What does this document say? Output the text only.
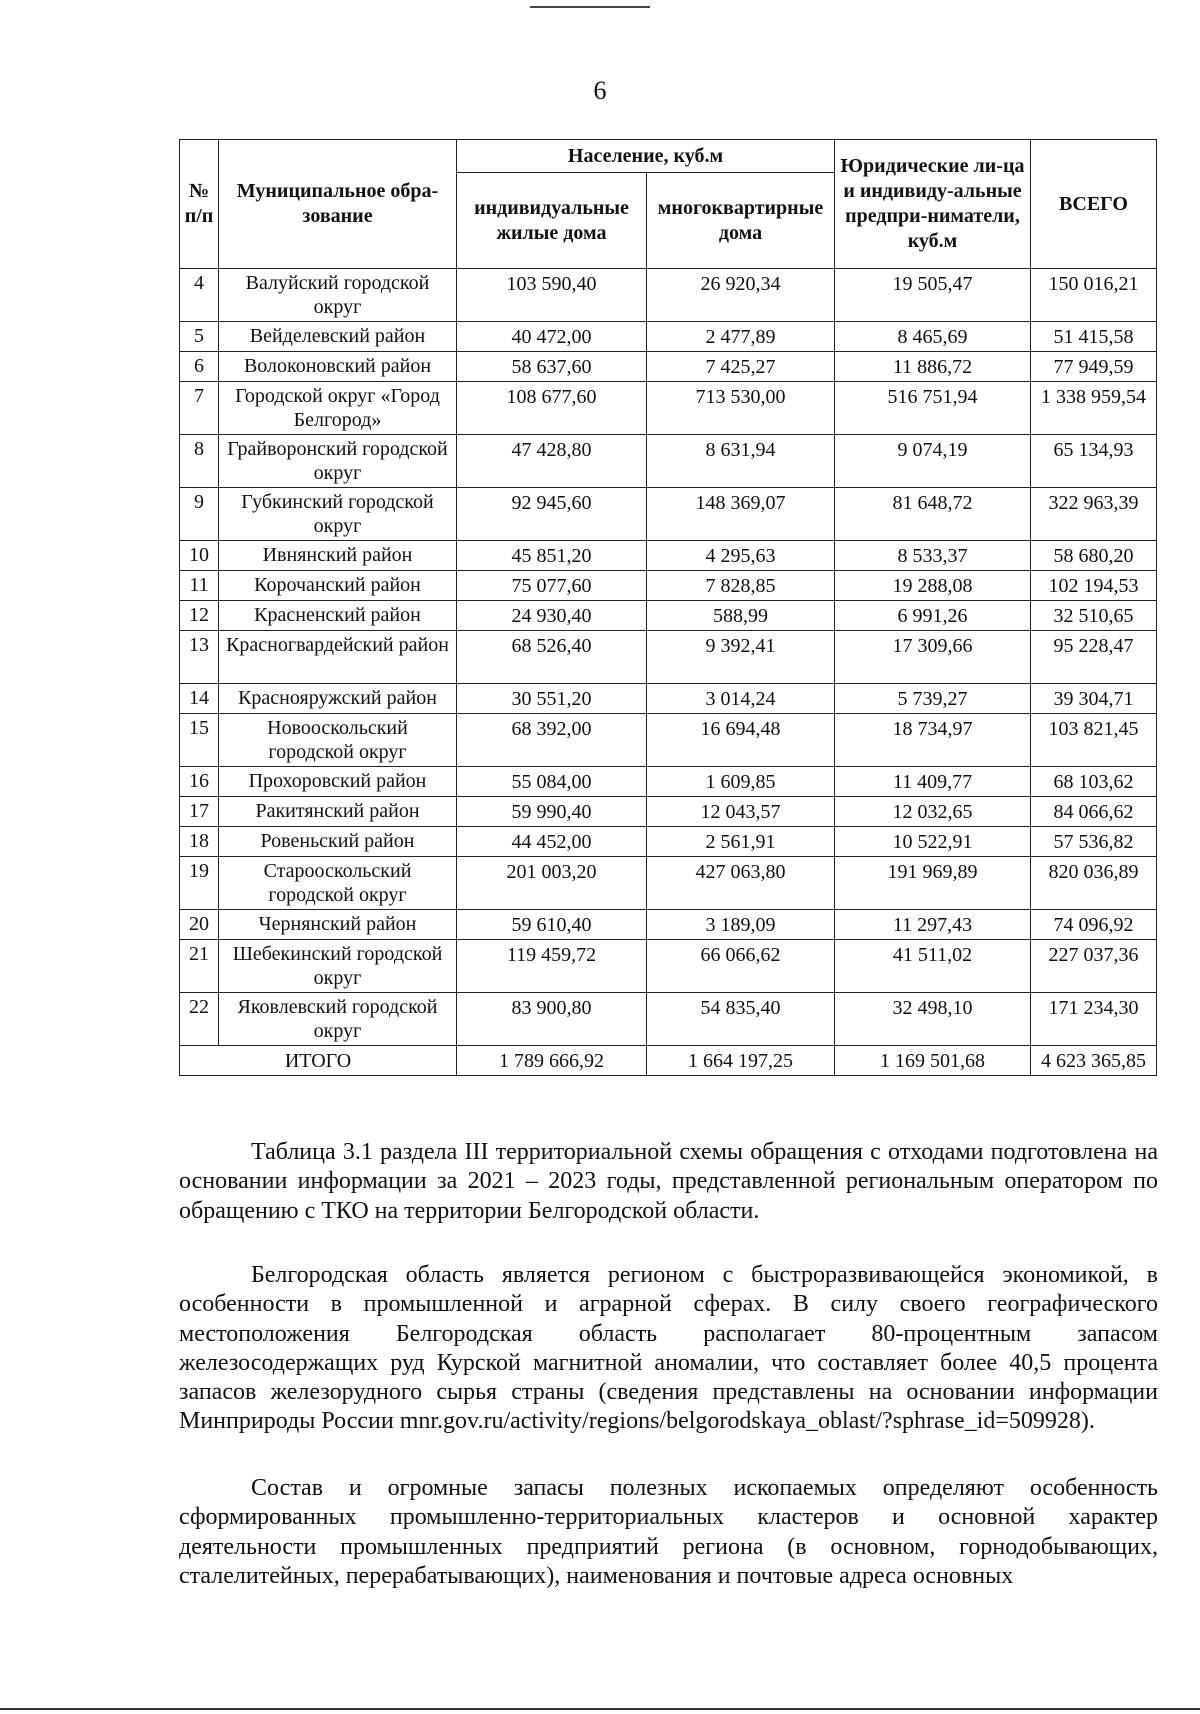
6
№ п/п	Муниципальное обра-зование	Население, куб.м		Юридические ли-ца и индивиду-альные предпри-ниматели, куб.м	ВСЕГО
		индивидуальные жилые дома	многоквартирные дома		
4	Валуйский городской округ	103 590,40	26 920,34	19 505,47	150 016,21
5	Вейделевский район	40 472,00	2 477,89	8 465,69	51 415,58
6	Волоконовский район	58 637,60	7 425,27	11 886,72	77 949,59
7	Городской округ «Город Белгород»	108 677,60	713 530,00	516 751,94	1 338 959,54
8	Грайворонский городской округ	47 428,80	8 631,94	9 074,19	65 134,93
9	Губкинский городской округ	92 945,60	148 369,07	81 648,72	322 963,39
10	Ивнянский район	45 851,20	4 295,63	8 533,37	58 680,20
11	Корочанский район	75 077,60	7 828,85	19 288,08	102 194,53
12	Красненский район	24 930,40	588,99	6 991,26	32 510,65
13	Красногвардейский район	68 526,40	9 392,41	17 309,66	95 228,47
14	Краснояружский район	30 551,20	3 014,24	5 739,27	39 304,71
15	Новооскольский городской округ	68 392,00	16 694,48	18 734,97	103 821,45
16	Прохоровский район	55 084,00	1 609,85	11 409,77	68 103,62
17	Ракитянский район	59 990,40	12 043,57	12 032,65	84 066,62
18	Ровеньский район	44 452,00	2 561,91	10 522,91	57 536,82
19	Старооскольский городской округ	201 003,20	427 063,80	191 969,89	820 036,89
20	Чернянский район	59 610,40	3 189,09	11 297,43	74 096,92
21	Шебекинский городской округ	119 459,72	66 066,62	41 511,02	227 037,36
22	Яковлевский городской округ	83 900,80	54 835,40	32 498,10	171 234,30
ИТОГО		1 789 666,92	1 664 197,25	1 169 501,68	4 623 365,85

Таблица 3.1 раздела III территориальной схемы обращения с отходами подготовлена на основании информации за 2021 – 2023 годы, представленной региональным оператором по обращению с ТКО на территории Белгородской области.

Белгородская область является регионом с быстроразвивающейся экономикой, в особенности в промышленной и аграрной сферах. В силу своего географического местоположения Белгородская область располагает 80-процентным запасом железосодержащих руд Курской магнитной аномалии, что составляет более 40,5 процента запасов железорудного сырья страны (сведения представлены на основании информации Минприроды России mnr.gov.ru/activity/regions/belgorodskaya_oblast/?sphrase_id=509928).

Состав и огромные запасы полезных ископаемых определяют особенность сформированных промышленно-территориальных кластеров и основной характер деятельности промышленных предприятий региона (в основном, горнодобывающих, сталелитейных, перерабатывающих), наименования и почтовые адреса основных
